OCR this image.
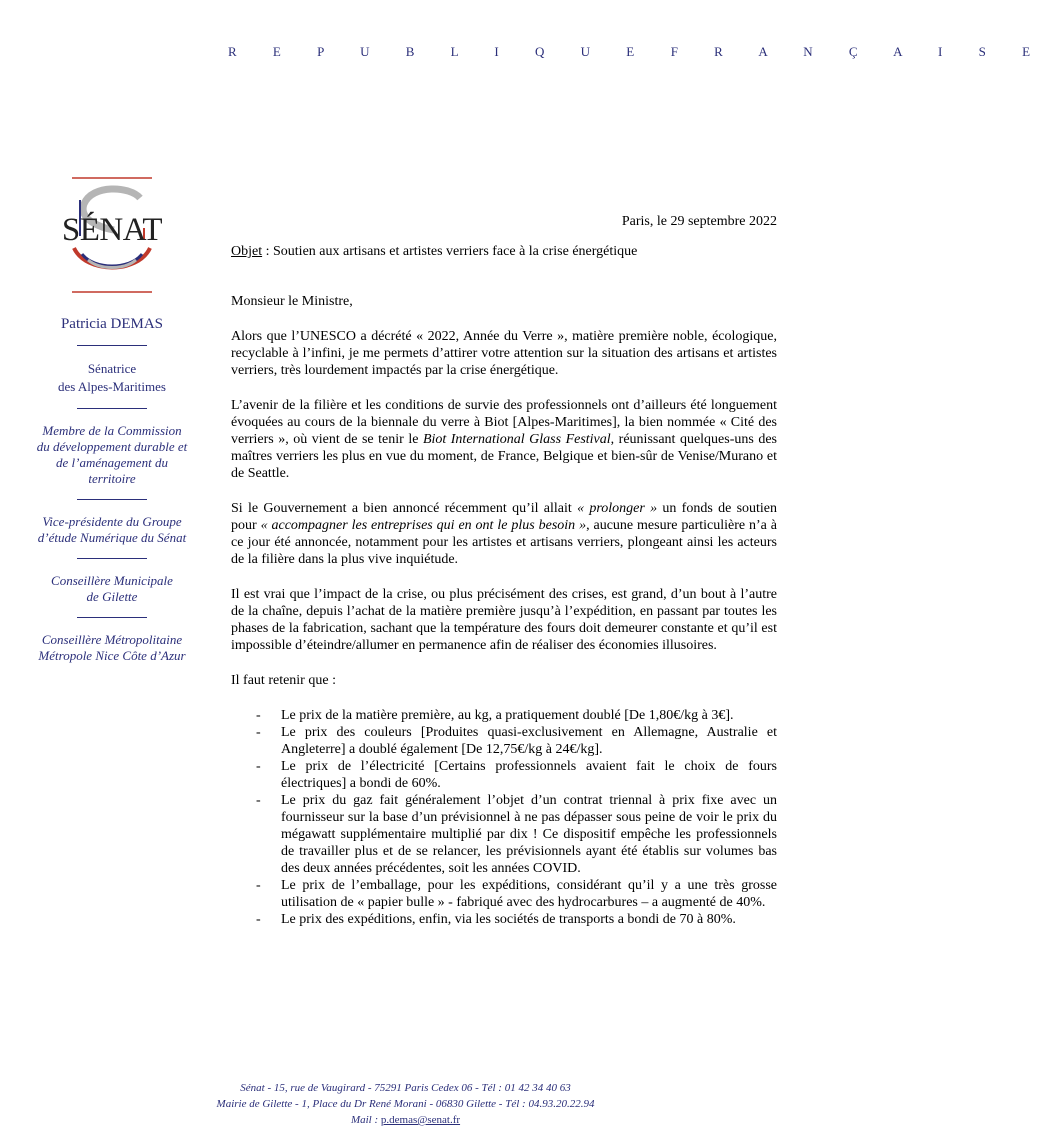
R E P U B L I Q U E F R A N Ç A I S E
SÉNAT
Patricia DEMAS
Sénatrice
des Alpes-Maritimes
Membre de la Commission
du développement durable et
de l’aménagement du
territoire
Vice-présidente du Groupe
d’étude Numérique du Sénat
Conseillère Municipale
de Gilette
Conseillère Métropolitaine
Métropole Nice Côte d’Azur
Paris, le 29 septembre 2022
Objet : Soutien aux artisans et artistes verriers face à la crise énergétique

Monsieur le Ministre,

Alors que l’UNESCO a décrété « 2022, Année du Verre », matière première noble, écologique, recyclable à l’infini, je me permets d’attirer votre attention sur la situation des artisans et artistes verriers, très lourdement impactés par la crise énergétique.

L’avenir de la filière et les conditions de survie des professionnels ont d’ailleurs été longuement évoquées au cours de la biennale du verre à Biot [Alpes-Maritimes], la bien nommée « Cité des verriers », où vient de se tenir le Biot International Glass Festival, réunissant quelques-uns des maîtres verriers les plus en vue du moment, de France, Belgique et bien-sûr de Venise/Murano et de Seattle.

Si le Gouvernement a bien annoncé récemment qu’il allait « prolonger » un fonds de soutien pour « accompagner les entreprises qui en ont le plus besoin », aucune mesure particulière n’a à ce jour été annoncée, notamment pour les artistes et artisans verriers, plongeant ainsi les acteurs de la filière dans la plus vive inquiétude.

Il est vrai que l’impact de la crise, ou plus précisément des crises, est grand, d’un bout à l’autre de la chaîne, depuis l’achat de la matière première jusqu’à l’expédition, en passant par toutes les phases de la fabrication, sachant que la température des fours doit demeurer constante et qu’il est impossible d’éteindre/allumer en permanence afin de réaliser des économies illusoires.

Il faut retenir que :

- Le prix de la matière première, au kg, a pratiquement doublé [De 1,80€/kg à 3€].
- Le prix des couleurs [Produites quasi-exclusivement en Allemagne, Australie et Angleterre] a doublé également [De 12,75€/kg à 24€/kg].
- Le prix de l’électricité [Certains professionnels avaient fait le choix de fours électriques] a bondi de 60%.
- Le prix du gaz fait généralement l’objet d’un contrat triennal à prix fixe avec un fournisseur sur la base d’un prévisionnel à ne pas dépasser sous peine de voir le prix du mégawatt supplémentaire multiplié par dix ! Ce dispositif empêche les professionnels de travailler plus et de se relancer, les prévisionnels ayant été établis sur volumes bas des deux années précédentes, soit les années COVID.
- Le prix de l’emballage, pour les expéditions, considérant qu’il y a une très grosse utilisation de « papier bulle » - fabriqué avec des hydrocarbures – a augmenté de 40%.
- Le prix des expéditions, enfin, via les sociétés de transports a bondi de 70 à 80%.
Sénat - 15, rue de Vaugirard - 75291 Paris Cedex 06 - Tél : 01 42 34 40 63
Mairie de Gilette - 1, Place du Dr René Morani - 06830 Gilette - Tél : 04.93.20.22.94
Mail : p.demas@senat.fr
